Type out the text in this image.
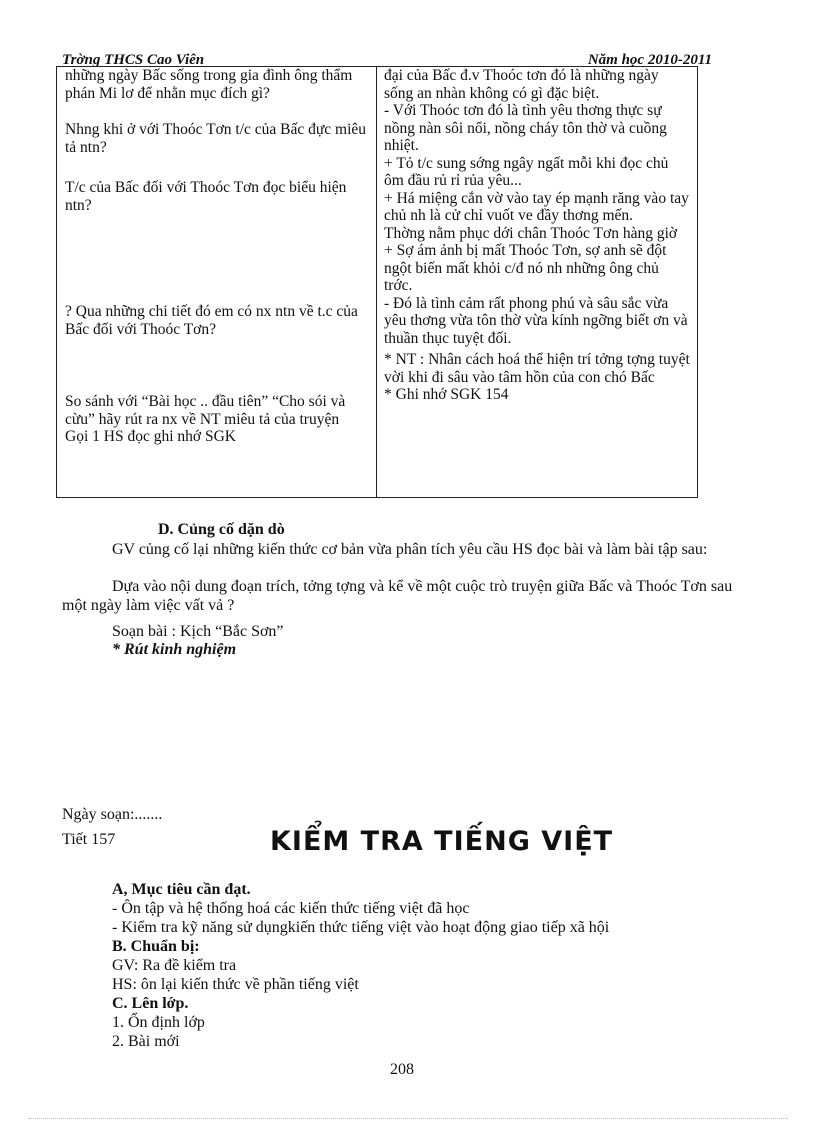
Trờng THCS Cao Viên	Năm học 2010-2011

những ngày Bấc sống trong gia đình ông thẩm phán Mi lơ để nhằn mục đích gì?

Nhng khi ở với Thoóc Tơn t/c của Bấc đực miêu tả ntn?

T/c của Bấc đối với Thoóc Tơn đọc biểu hiện ntn?

? Qua những chi tiết đó em có nx ntn về t.c của Bấc đối với Thoóc Tơn?

So sánh với “Bài học .. đầu tiên” “Cho sói và cừu” hãy rút ra nx về NT miêu tả của truyện

Gọi 1 HS đọc ghi nhớ SGK

đại của Bấc đ.v Thoóc tơn đó là những ngày sống an nhàn không có gì đặc biệt.

- Với Thoóc tơn đó là tình yêu thơng thực sự nồng nàn sôi nổi, nồng cháy tôn thờ và cuồng nhiệt.

+ Tỏ t/c sung sớng ngây ngất mỗi khi đọc chủ ôm đầu rủ rỉ rủa yêu...

+ Há miệng cắn vờ vào tay ép mạnh răng vào tay chủ nh là cử chỉ vuốt ve đầy thơng mến.

Thờng nằm phục dới chân Thoóc Tơn hàng giờ

+ Sợ ám ảnh bị mất Thoóc Tơn, sợ anh sẽ đột ngột biến mất khỏi c/đ nó nh những ông chủ trớc.

- Đó là tình cảm rất phong phú và sâu sắc vừa yêu thơng vừa tôn thờ vừa kính ngỡng biết ơn và thuần thục tuyệt đối.

* NT : Nhân cách hoá thể hiện trí tởng tợng tuyệt vời khi đi sâu vào tâm hồn của con chó Bấc

* Ghi nhớ SGK 154

D. Củng cố dặn dò
GV củng cố lại những kiến thức cơ bản vừa phân tích yêu cầu HS đọc bài và làm bài tập sau:
Dựa vào nội dung đoạn trích, tởng tợng và kể về một cuộc trò truyện giữa Bấc và Thoóc Tơn sau một ngày làm việc vất vả ?
Soạn bài : Kịch “Bắc Sơn”
* Rút kinh nghiệm
Ngày soạn:.......
Tiết 157	KIỂM TRA TIẾNG VIỆT
A, Mục tiêu cần đạt.
- Ôn tập và hệ thống hoá các kiến thức tiếng việt đã học
- Kiểm tra kỹ năng sử dụngkiến thức tiếng việt vào hoạt động giao tiếp xã hội
B. Chuẩn bị:
GV: Ra đề kiểm tra
HS: ôn lại kiến thức về phần tiếng việt
C. Lên lớp.
1. Ổn định lớp
2. Bài mới
208
